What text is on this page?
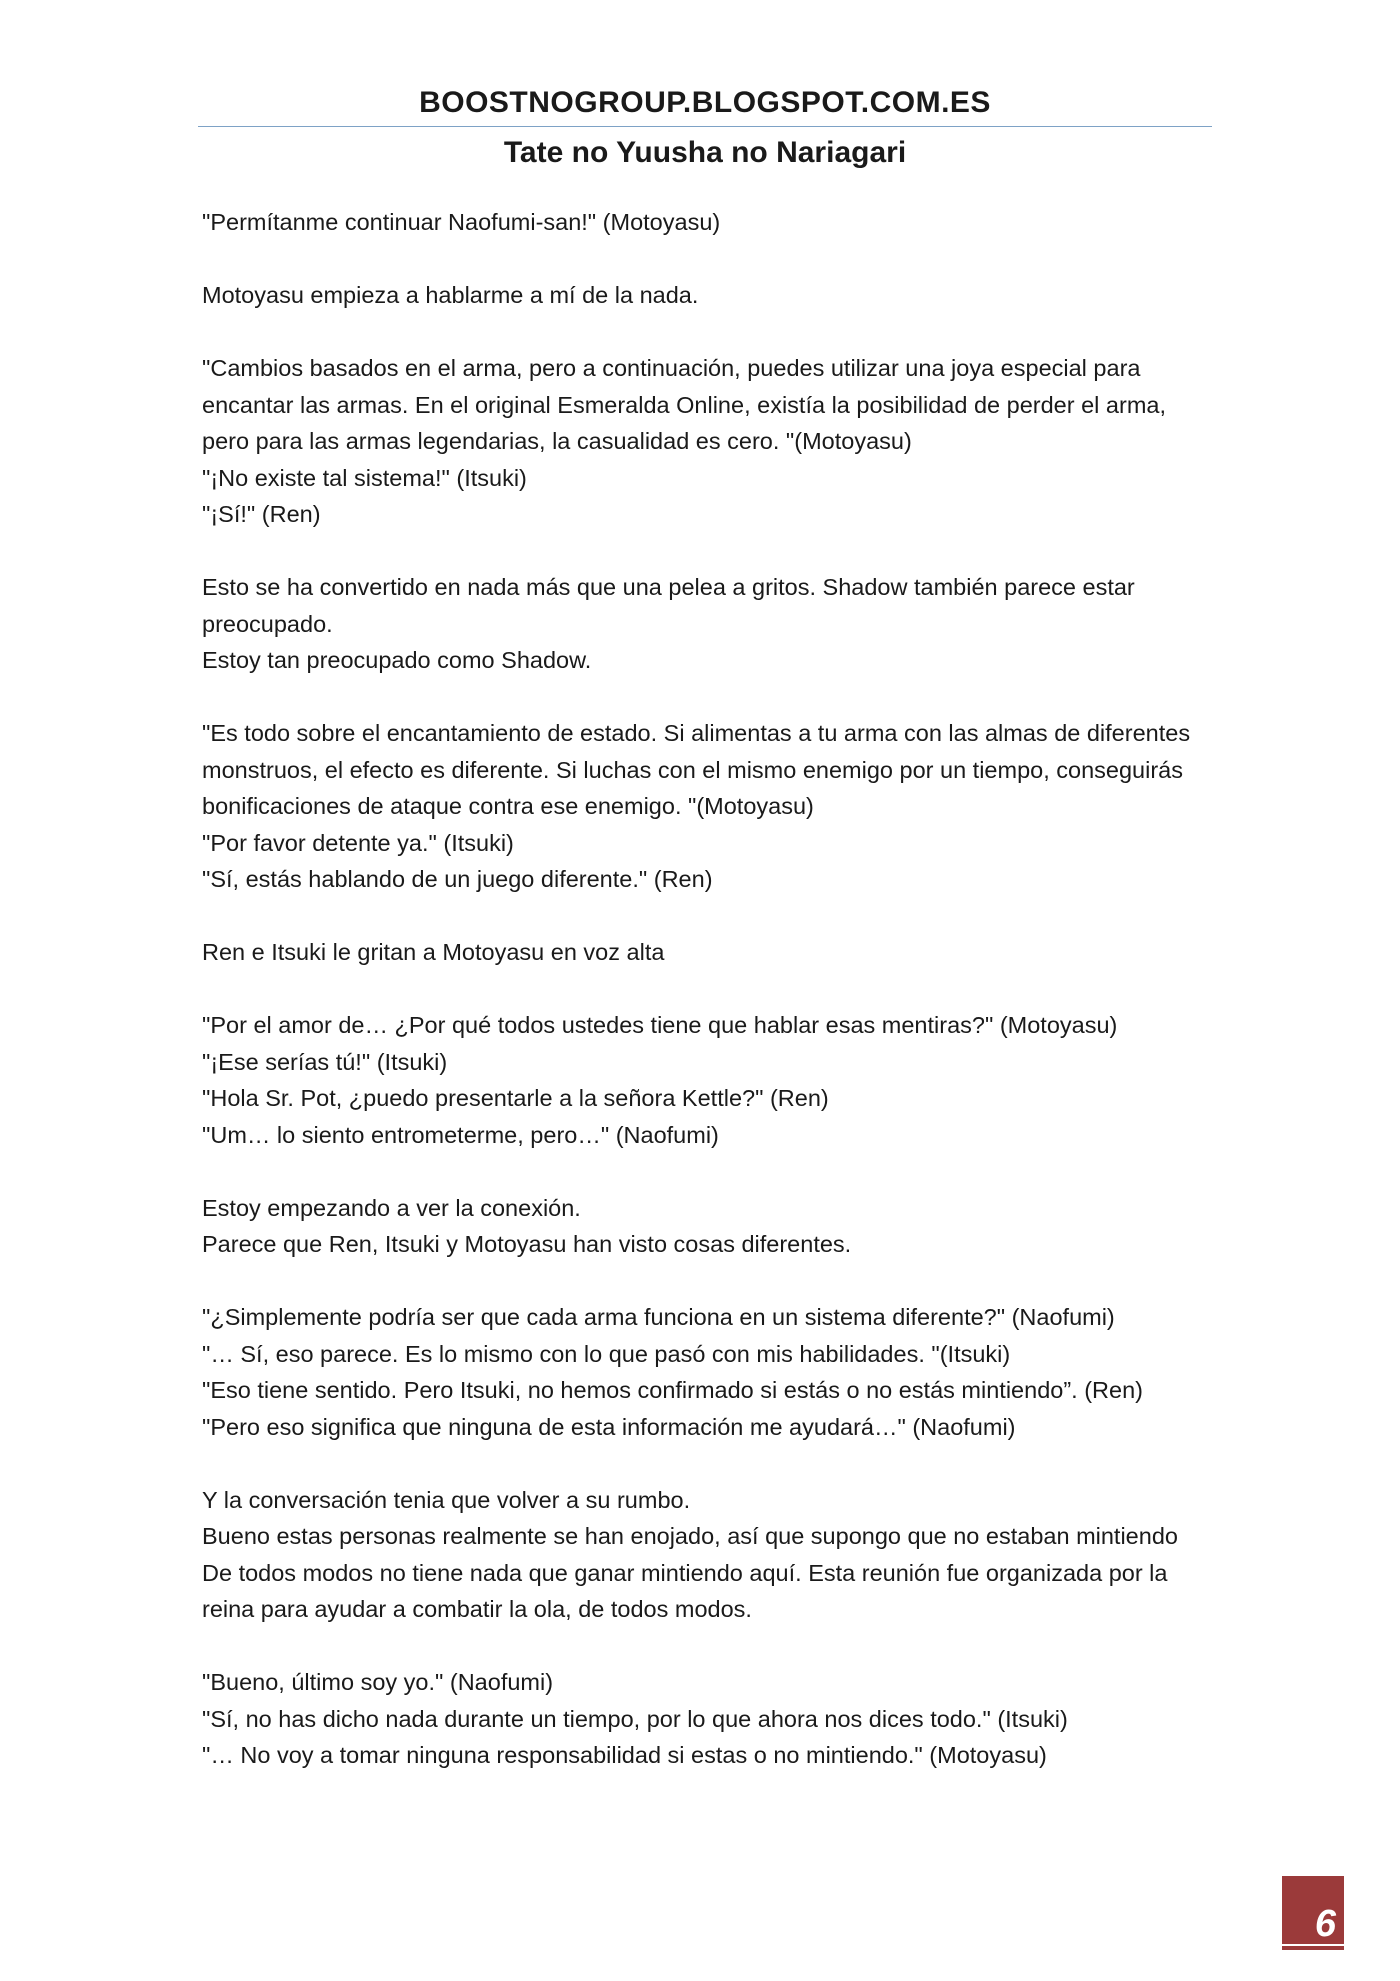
BOOSTNOGROUP.BLOGSPOT.COM.ES
Tate no Yuusha no Nariagari
"Permítanme continuar Naofumi-san!" (Motoyasu)
Motoyasu empieza a hablarme a mí de la nada.
"Cambios basados en el arma, pero a continuación, puedes utilizar una joya especial para
encantar las armas. En el original Esmeralda Online, existía la posibilidad de perder el arma,
pero para las armas legendarias, la casualidad es cero. "(Motoyasu)
"¡No existe tal sistema!" (Itsuki)
"¡Sí!" (Ren)
Esto se ha convertido en nada más que una pelea a gritos. Shadow también parece estar
preocupado.
Estoy tan preocupado como Shadow.
"Es todo sobre el encantamiento de estado. Si alimentas a tu arma con las almas de diferentes
monstruos, el efecto es diferente. Si luchas con el mismo enemigo por un tiempo, conseguirás
bonificaciones de ataque contra ese enemigo. "(Motoyasu)
"Por favor detente ya." (Itsuki)
"Sí, estás hablando de un juego diferente." (Ren)
Ren e Itsuki le gritan a Motoyasu en voz alta
"Por el amor de… ¿Por qué todos ustedes tiene que hablar esas mentiras?" (Motoyasu)
"¡Ese serías tú!" (Itsuki)
"Hola Sr. Pot, ¿puedo presentarle a la señora Kettle?" (Ren)
"Um… lo siento entrometerme, pero…" (Naofumi)
Estoy empezando a ver la conexión.
Parece que Ren, Itsuki y Motoyasu han visto cosas diferentes.
"¿Simplemente podría ser que cada arma funciona en un sistema diferente?" (Naofumi)
"… Sí, eso parece. Es lo mismo con lo que pasó con mis habilidades. "(Itsuki)
"Eso tiene sentido. Pero Itsuki, no hemos confirmado si estás o no estás mintiendo”. (Ren)
"Pero eso significa que ninguna de esta información me ayudará…" (Naofumi)
Y la conversación tenia que volver a su rumbo.
Bueno estas personas realmente se han enojado, así que supongo que no estaban mintiendo
De todos modos no tiene nada que ganar mintiendo aquí. Esta reunión fue organizada por la
reina para ayudar a combatir la ola, de todos modos.
"Bueno, último soy yo." (Naofumi)
"Sí, no has dicho nada durante un tiempo, por lo que ahora nos dices todo." (Itsuki)
"… No voy a tomar ninguna responsabilidad si estas o no mintiendo." (Motoyasu)
6
